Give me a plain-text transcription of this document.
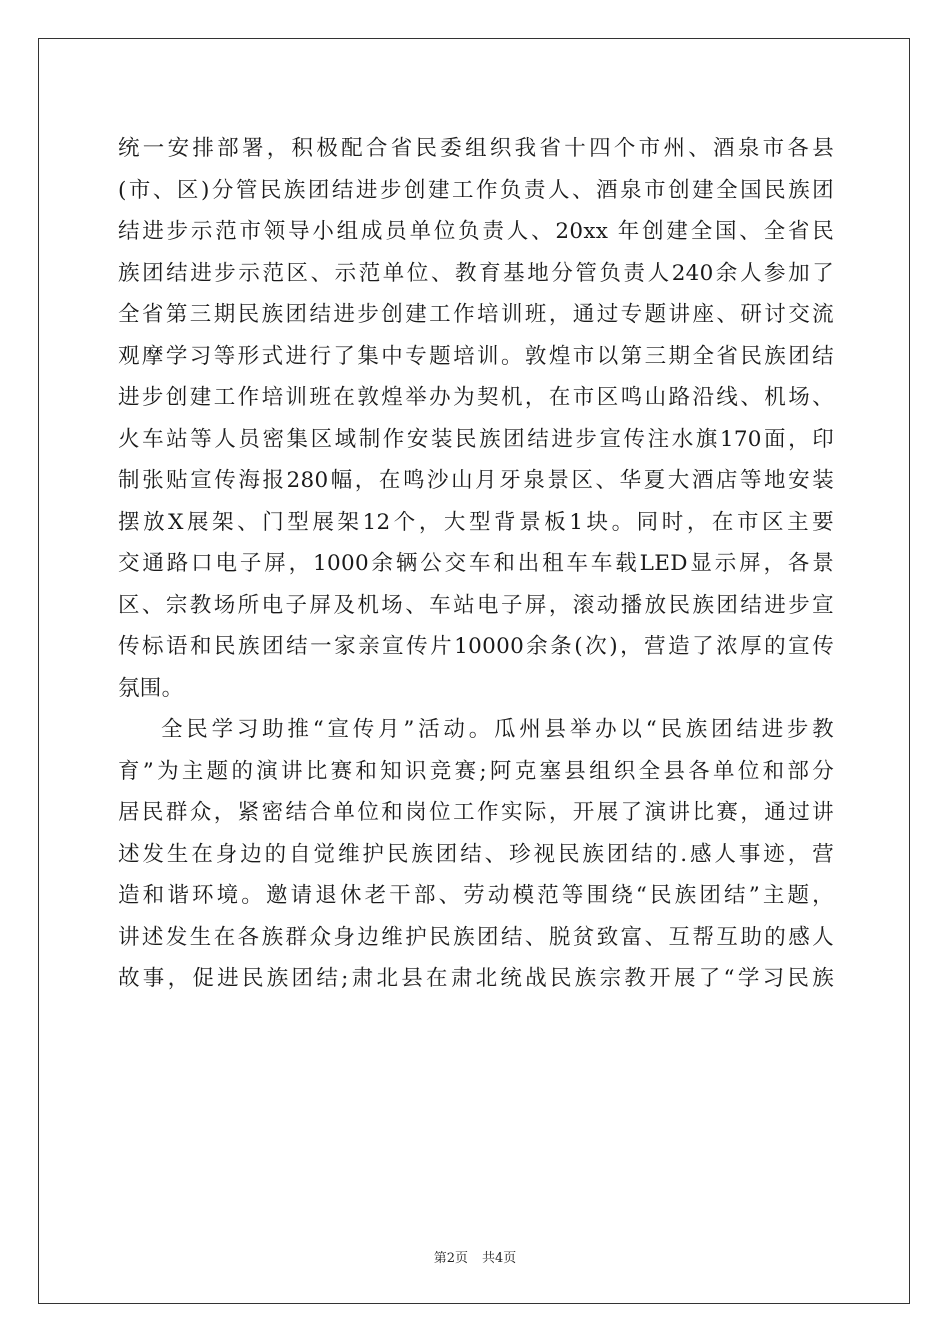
统一安排部署，积极配合省民委组织我省十四个市州、酒泉市各县
(市、区)分管民族团结进步创建工作负责人、酒泉市创建全国民族团
结进步示范市领导小组成员单位负责人、20xx 年创建全国、全省民
族团结进步示范区、示范单位、教育基地分管负责人240余人参加了
全省第三期民族团结进步创建工作培训班，通过专题讲座、研讨交流
观摩学习等形式进行了集中专题培训。敦煌市以第三期全省民族团结
进步创建工作培训班在敦煌举办为契机，在市区鸣山路沿线、机场、
火车站等人员密集区域制作安装民族团结进步宣传注水旗170面，印
制张贴宣传海报280幅，在鸣沙山月牙泉景区、华夏大酒店等地安装
摆放X展架、门型展架12个，大型背景板1块。同时，在市区主要
交通路口电子屏，1000余辆公交车和出租车车载LED显示屏，各景
区、宗教场所电子屏及机场、车站电子屏，滚动播放民族团结进步宣
传标语和民族团结一家亲宣传片10000余条(次)，营造了浓厚的宣传
氛围。
全民学习助推“宣传月”活动。瓜州县举办以“民族团结进步教
育”为主题的演讲比赛和知识竞赛;阿克塞县组织全县各单位和部分
居民群众，紧密结合单位和岗位工作实际，开展了演讲比赛，通过讲
述发生在身边的自觉维护民族团结、珍视民族团结的.感人事迹，营
造和谐环境。邀请退休老干部、劳动模范等围绕“民族团结”主题，
讲述发生在各族群众身边维护民族团结、脱贫致富、互帮互助的感人
故事，促进民族团结;肃北县在肃北统战民族宗教开展了“学习民族
第2页 共4页
